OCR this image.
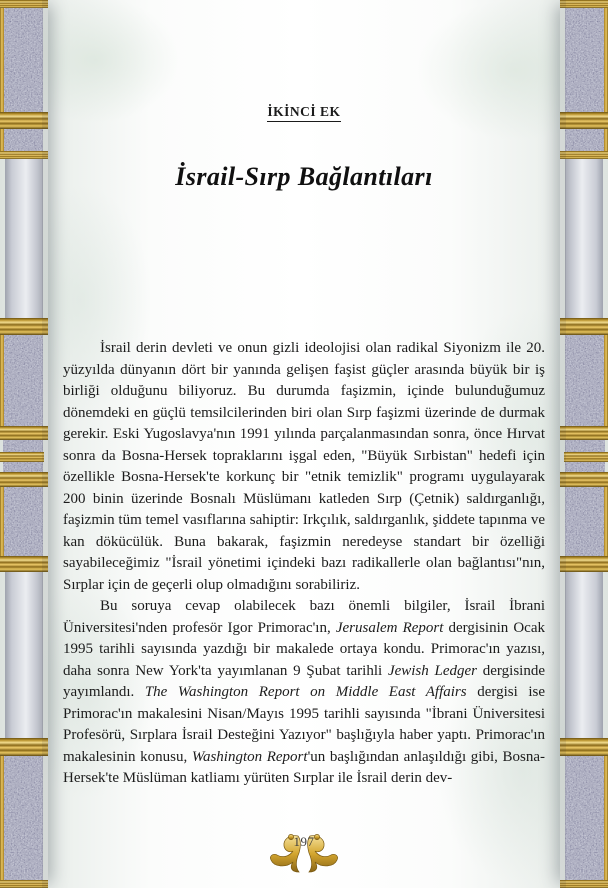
İKİNCİ EK
İsrail-Sırp Bağlantıları

İsrail derin devleti ve onun gizli ideolojisi olan radikal Siyonizm ile 20. yüzyılda dünyanın dört bir yanında gelişen faşist güçler arasında büyük bir iş birliği olduğunu biliyoruz. Bu durumda faşizmin, içinde bulunduğumuz dönemdeki en güçlü temsilcilerinden biri olan Sırp faşizmi üzerinde de durmak gerekir. Eski Yugoslavya'nın 1991 yılında parçalanmasından sonra, önce Hırvat sonra da Bosna-Hersek topraklarını işgal eden, "Büyük Sırbistan" hedefi için özellikle Bosna-Hersek'te korkunç bir "etnik temizlik" programı uygulayarak 200 binin üzerinde Bosnalı Müslümanı katleden Sırp (Çetnik) saldırganlığı, faşizmin tüm temel vasıflarına sahiptir: Irkçılık, saldırganlık, şiddete tapınma ve kan dökücülük. Buna bakarak, faşizmin neredeyse standart bir özelliği sayabileceğimiz "İsrail yönetimi içindeki bazı radikallerle olan bağlantısı"nın, Sırplar için de geçerli olup olmadığını sorabiliriz.

Bu soruya cevap olabilecek bazı önemli bilgiler, İsrail İbrani Üniversitesi'nden profesör Igor Primorac'ın, Jerusalem Report dergisinin Ocak 1995 tarihli sayısında yazdığı bir makalede ortaya kondu. Primorac'ın yazısı, daha sonra New York'ta yayımlanan 9 Şubat tarihli Jewish Ledger dergisinde yayımlandı. The Washington Report on Middle East Affairs dergisi ise Primorac'ın makalesini Nisan/Mayıs 1995 tarihli sayısında "İbrani Üniversitesi Profesörü, Sırplara İsrail Desteğini Yazıyor" başlığıyla haber yaptı. Primorac'ın makalesinin konusu, Washington Report'un başlığından anlaşıldığı gibi, Bosna-Hersek'te Müslüman katliamı yürüten Sırplar ile İsrail derin dev-

197
